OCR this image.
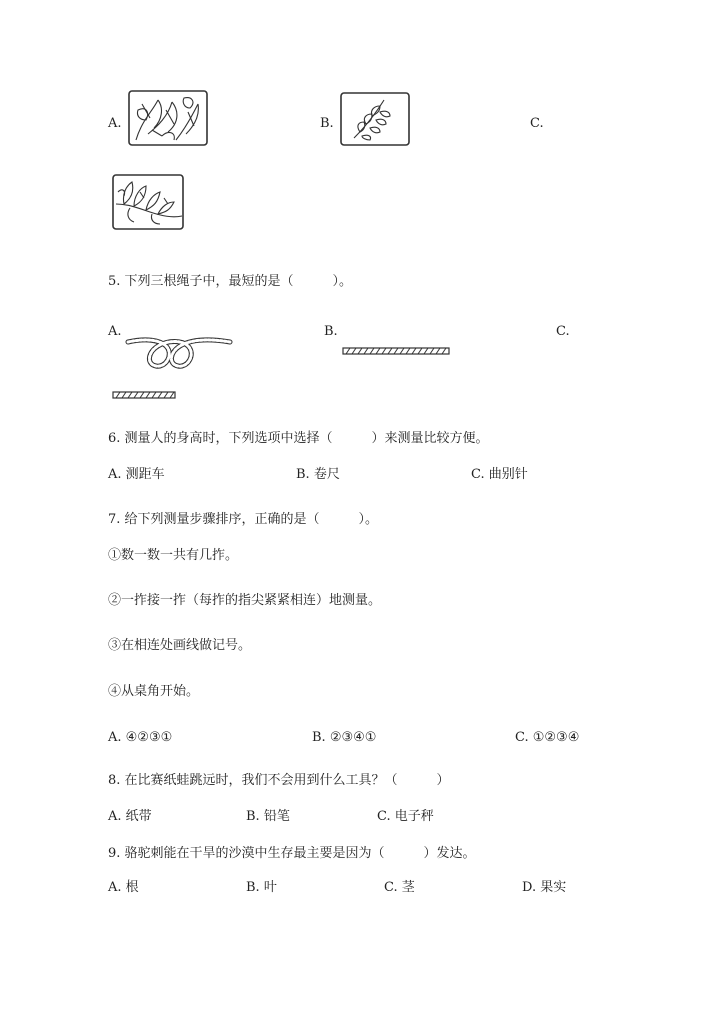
A.	B.	C.
5. 下列三根绳子中，最短的是（　　　）。
A.	B.	C.
6. 测量人的身高时，下列选项中选择（　　　）来测量比较方便。
A. 测距车	B. 卷尺	C. 曲别针
7. 给下列测量步骤排序，正确的是（　　　）。
①数一数一共有几拃。
②一拃接一拃（每拃的指尖紧紧相连）地测量。
③在相连处画线做记号。
④从桌角开始。
A. ④②③①	B. ②③④①	C. ①②③④
8. 在比赛纸蛙跳远时，我们不会用到什么工具？（　　　）
A. 纸带	B. 铅笔	C. 电子秤
9. 骆驼刺能在干旱的沙漠中生存最主要是因为（　　　）发达。
A. 根	B. 叶	C. 茎	D. 果实
